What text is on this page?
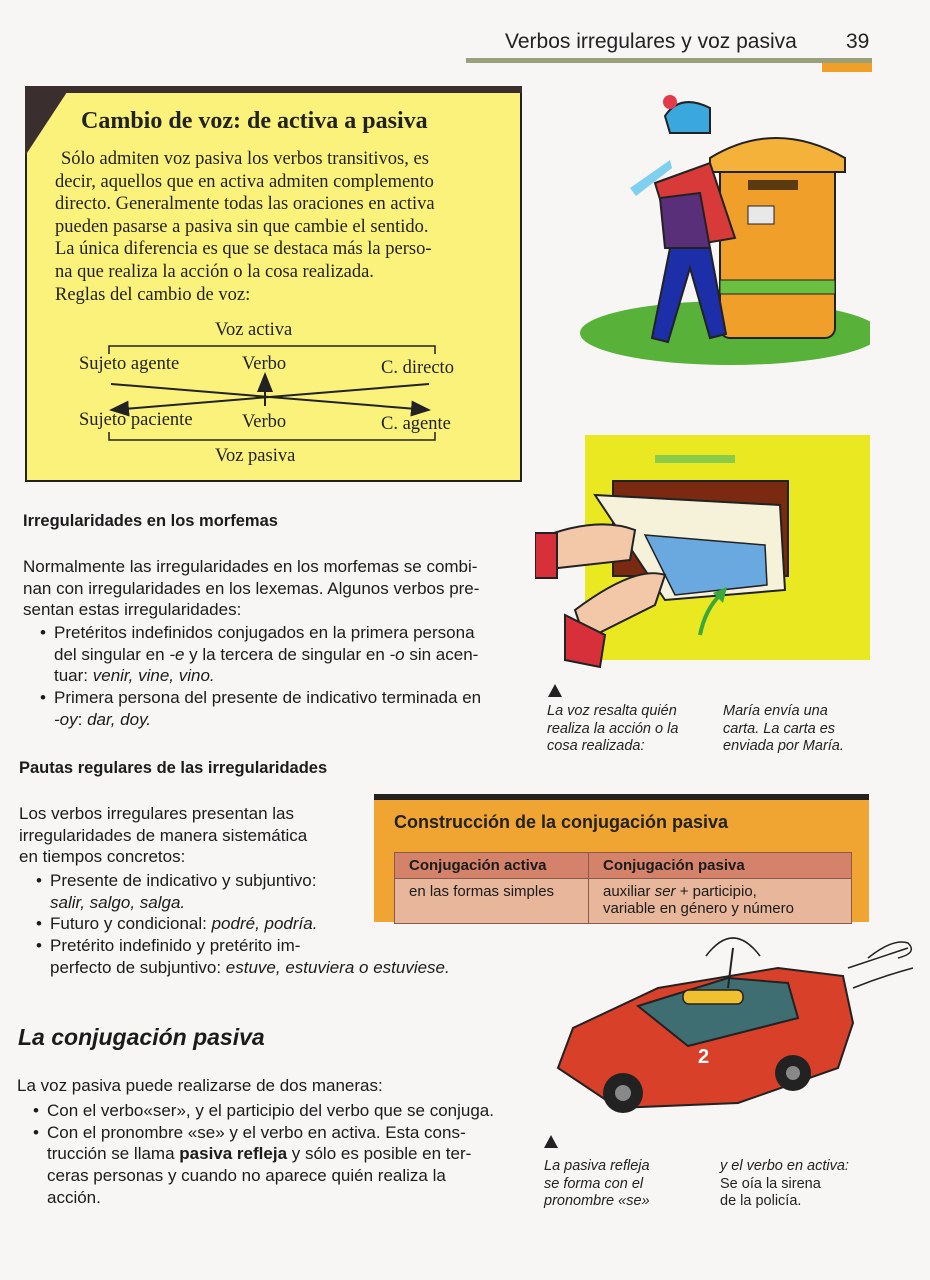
Verbos irregulares y voz pasiva 39
Cambio de voz: de activa a pasiva
Sólo admiten voz pasiva los verbos transitivos, es
decir, aquellos que en activa admiten complemento
directo. Generalmente todas las oraciones en activa
pueden pasarse a pasiva sin que cambie el sentido.
La única diferencia es que se destaca más la perso-
na que realiza la acción o la cosa realizada.
Reglas del cambio de voz:
Voz activa
Sujeto agente	Verbo	C. directo
Sujeto paciente	Verbo	C. agente
Voz pasiva
La voz resalta quién
realiza la acción o la
cosa realizada:
María envía una
carta. La carta es
enviada por María.
Irregularidades en los morfemas
Normalmente las irregularidades en los morfemas se combi-
nan con irregularidades en los lexemas. Algunos verbos pre-
sentan estas irregularidades:
• Pretéritos indefinidos conjugados en la primera persona
del singular en -e y la tercera de singular en -o sin acen-
tuar: venir, vine, vino.
• Primera persona del presente de indicativo terminada en
-oy: dar, doy.
Pautas regulares de las irregularidades
Los verbos irregulares presentan las
irregularidades de manera sistemática
en tiempos concretos:
• Presente de indicativo y subjuntivo:
salir, salgo, salga.
• Futuro y condicional: podré, podría.
• Pretérito indefinido y pretérito im-
perfecto de subjuntivo: estuve, estuviera o estuviese.
Construcción de la conjugación pasiva
Conjugación activa	Conjugación pasiva
en las formas simples	auxiliar ser + participio,
variable en género y número
2
La conjugación pasiva
La voz pasiva puede realizarse de dos maneras:
• Con el verbo«ser», y el participio del verbo que se conjuga.
• Con el pronombre «se» y el verbo en activa. Esta cons-
trucción se llama pasiva refleja y sólo es posible en ter-
ceras personas y cuando no aparece quién realiza la
acción.
La pasiva refleja
se forma con el
pronombre «se»
y el verbo en activa:
Se oía la sirena
de la policía.
